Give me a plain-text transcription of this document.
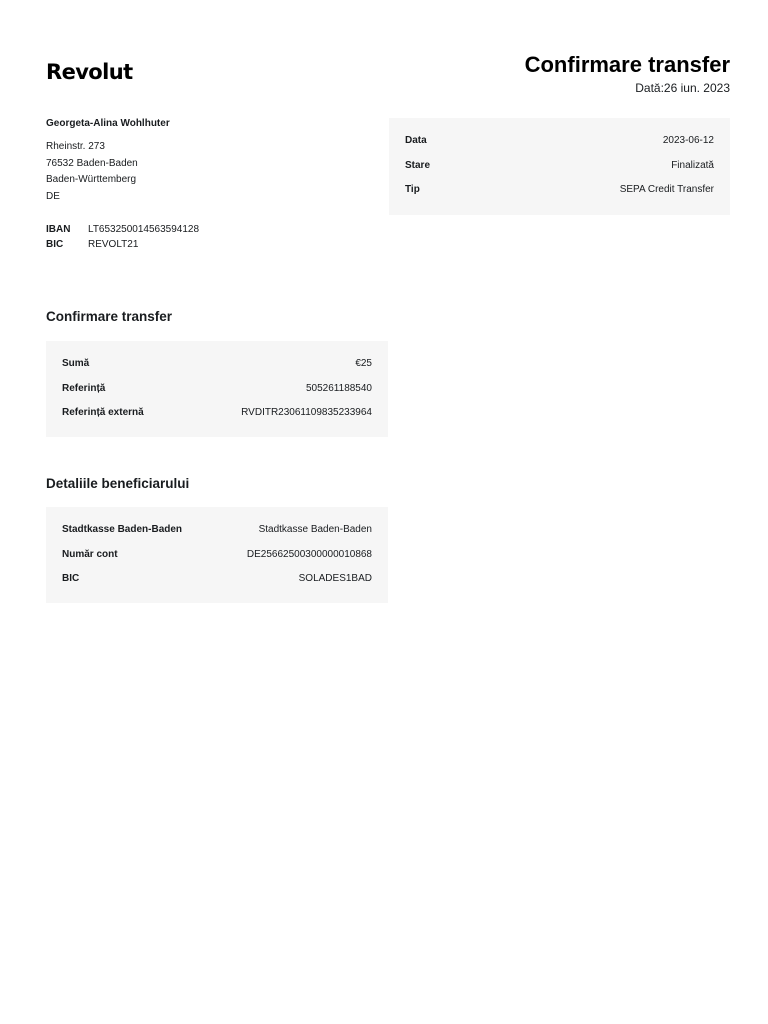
Revolut	Confirmare transfer
Dată:26 iun. 2023
Georgeta-Alina Wohlhuter
Rheinstr. 273
76532 Baden-Baden
Baden-Württemberg
DE
IBAN	LT653250014563594128
BIC	REVOLT21
Data	2023-06-12
Stare	Finalizată
Tip	SEPA Credit Transfer
Confirmare transfer
Sumă	€25
Referință	505261188540
Referință externă	RVDITR23061109835233964
Detaliile beneficiarului
Stadtkasse Baden-Baden	Stadtkasse Baden-Baden
Număr cont	DE25662500300000010868
BIC	SOLADES1BAD
